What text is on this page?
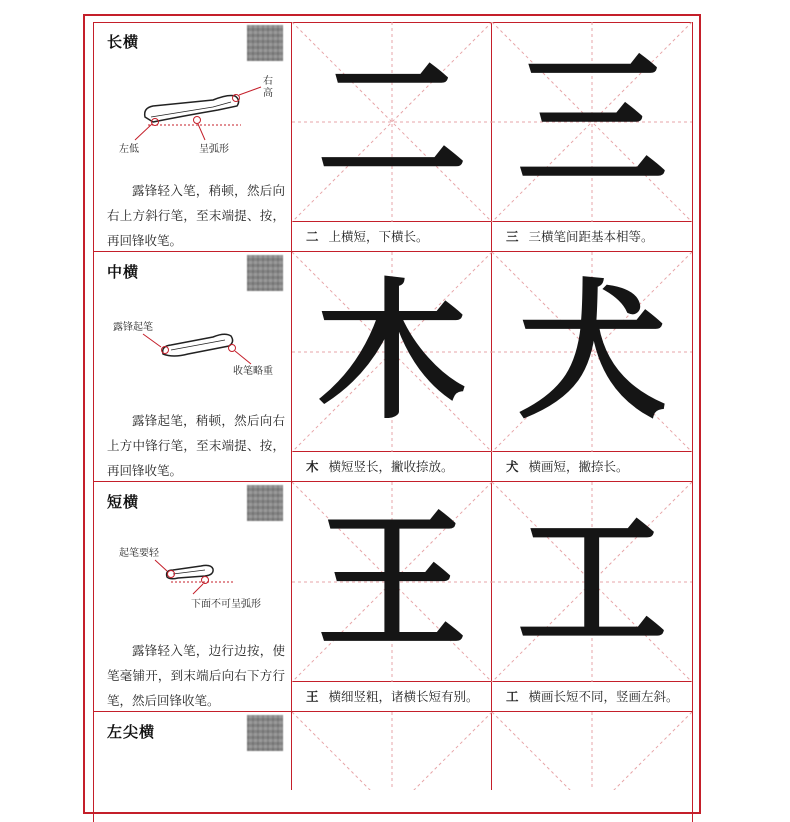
长横
右
高
左低	呈弧形
露锋轻入笔，稍顿，然后向右上方斜行笔，至末端提、按，再回锋收笔。
二 三
二 上横短，下横长。	三 三横笔间距基本相等。
中横
露锋起笔
收笔略重
露锋起笔，稍顿，然后向右上方中锋行笔，至末端提、按，再回锋收笔。
木 犬
木 横短竖长，撇收捺放。	犬 横画短，撇捺长。
短横
起笔要轻
下面不可呈弧形
露锋轻入笔，边行边按，使笔毫铺开，到末端后向右下方行笔，然后回锋收笔。
王 工
王 横细竖粗，诸横长短有别。	工 横画长短不同，竖画左斜。
左尖横
